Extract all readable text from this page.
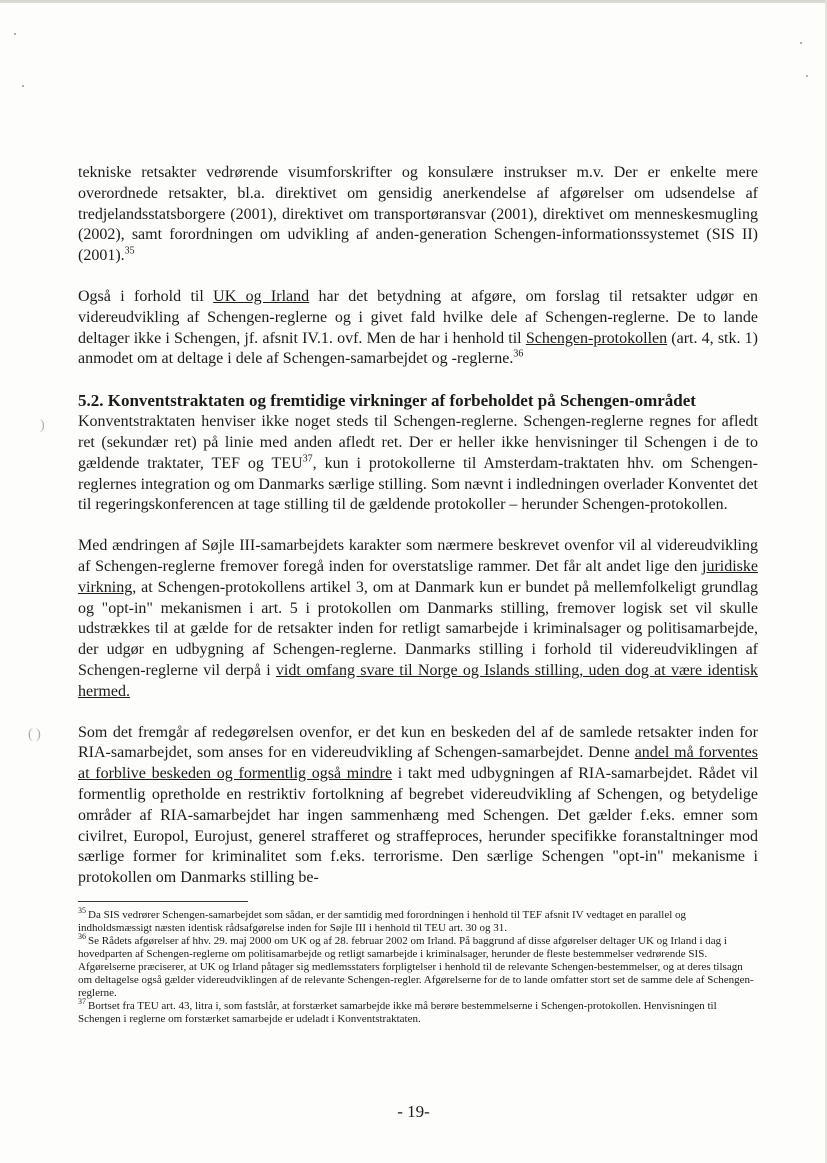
)
( )

tekniske retsakter vedrørende visumforskrifter og konsulære instrukser m.v. Der er enkelte mere overordnede retsakter, bl.a. direktivet om gensidig anerkendelse af afgørelser om udsendelse af tredjelandsstatsborgere (2001), direktivet om transportøransvar (2001), direktivet om menneskesmugling (2002), samt forordningen om udvikling af anden-generation Schengen-informationssystemet (SIS II) (2001).$^{35}$

Også i forhold til UK og Irland har det betydning at afgøre, om forslag til retsakter udgør en videreudvikling af Schengen-reglerne og i givet fald hvilke dele af Schengen-reglerne. De to lande deltager ikke i Schengen, jf. afsnit IV.1. ovf. Men de har i henhold til Schengen-protokollen (art. 4, stk. 1) anmodet om at deltage i dele af Schengen-samarbejdet og -reglerne.$^{36}$

5.2. Konventstraktaten og fremtidige virkninger af forbeholdet på Schengen-området

Konventstraktaten henviser ikke noget steds til Schengen-reglerne. Schengen-reglerne regnes for afledt ret (sekundær ret) på linie med anden afledt ret. Der er heller ikke henvisninger til Schengen i de to gældende traktater, TEF og TEU$^{37}$, kun i protokollerne til Amsterdam-traktaten hhv. om Schengen-reglernes integration og om Danmarks særlige stilling. Som nævnt i indledningen overlader Konventet det til regeringskonferencen at tage stilling til de gældende protokoller – herunder Schengen-protokollen.

Med ændringen af Søjle III-samarbejdets karakter som nærmere beskrevet ovenfor vil al videreudvikling af Schengen-reglerne fremover foregå inden for overstatslige rammer. Det får alt andet lige den juridiske virkning, at Schengen-protokollens artikel 3, om at Danmark kun er bundet på mellemfolkeligt grundlag og "opt-in" mekanismen i art. 5 i protokollen om Danmarks stilling, fremover logisk set vil skulle udstrækkes til at gælde for de retsakter inden for retligt samarbejde i kriminalsager og politisamarbejde, der udgør en udbygning af Schengen-reglerne. Danmarks stilling i forhold til videreudviklingen af Schengen-reglerne vil derpå i vidt omfang svare til Norge og Islands stilling, uden dog at være identisk hermed.

Som det fremgår af redegørelsen ovenfor, er det kun en beskeden del af de samlede retsakter inden for RIA-samarbejdet, som anses for en videreudvikling af Schengen-samarbejdet. Denne andel må forventes at forblive beskeden og formentlig også mindre i takt med udbygningen af RIA-samarbejdet. Rådet vil formentlig opretholde en restriktiv fortolkning af begrebet videreudvikling af Schengen, og betydelige områder af RIA-samarbejdet har ingen sammenhæng med Schengen. Det gælder f.eks. emner som civilret, Europol, Eurojust, generel strafferet og straffeproces, herunder specifikke foranstaltninger mod særlige former for kriminalitet som f.eks. terrorisme. Den særlige Schengen "opt-in" mekanisme i protokollen om Danmarks stilling be-

$^{35}$ Da SIS vedrører Schengen-samarbejdet som sådan, er der samtidig med forordningen i henhold til TEF afsnit IV vedtaget en parallel og indholdsmæssigt næsten identisk rådsafgørelse inden for Søjle III i henhold til TEU art. 30 og 31.

$^{36}$ Se Rådets afgørelser af hhv. 29. maj 2000 om UK og af 28. februar 2002 om Irland. På baggrund af disse afgørelser deltager UK og Irland i dag i hovedparten af Schengen-reglerne om politisamarbejde og retligt samarbejde i kriminalsager, herunder de fleste bestemmelser vedrørende SIS. Afgørelserne præciserer, at UK og Irland påtager sig medlemsstaters forpligtelser i henhold til de relevante Schengen-bestemmelser, og at deres tilsagn om deltagelse også gælder videreudviklingen af de relevante Schengen-regler. Afgørelserne for de to lande omfatter stort set de samme dele af Schengen-reglerne.

$^{37}$ Bortset fra TEU art. 43, litra i, som fastslår, at forstærket samarbejde ikke må berøre bestemmelserne i Schengen-protokollen. Henvisningen til Schengen i reglerne om forstærket samarbejde er udeladt i Konventstraktaten.

- 19-
